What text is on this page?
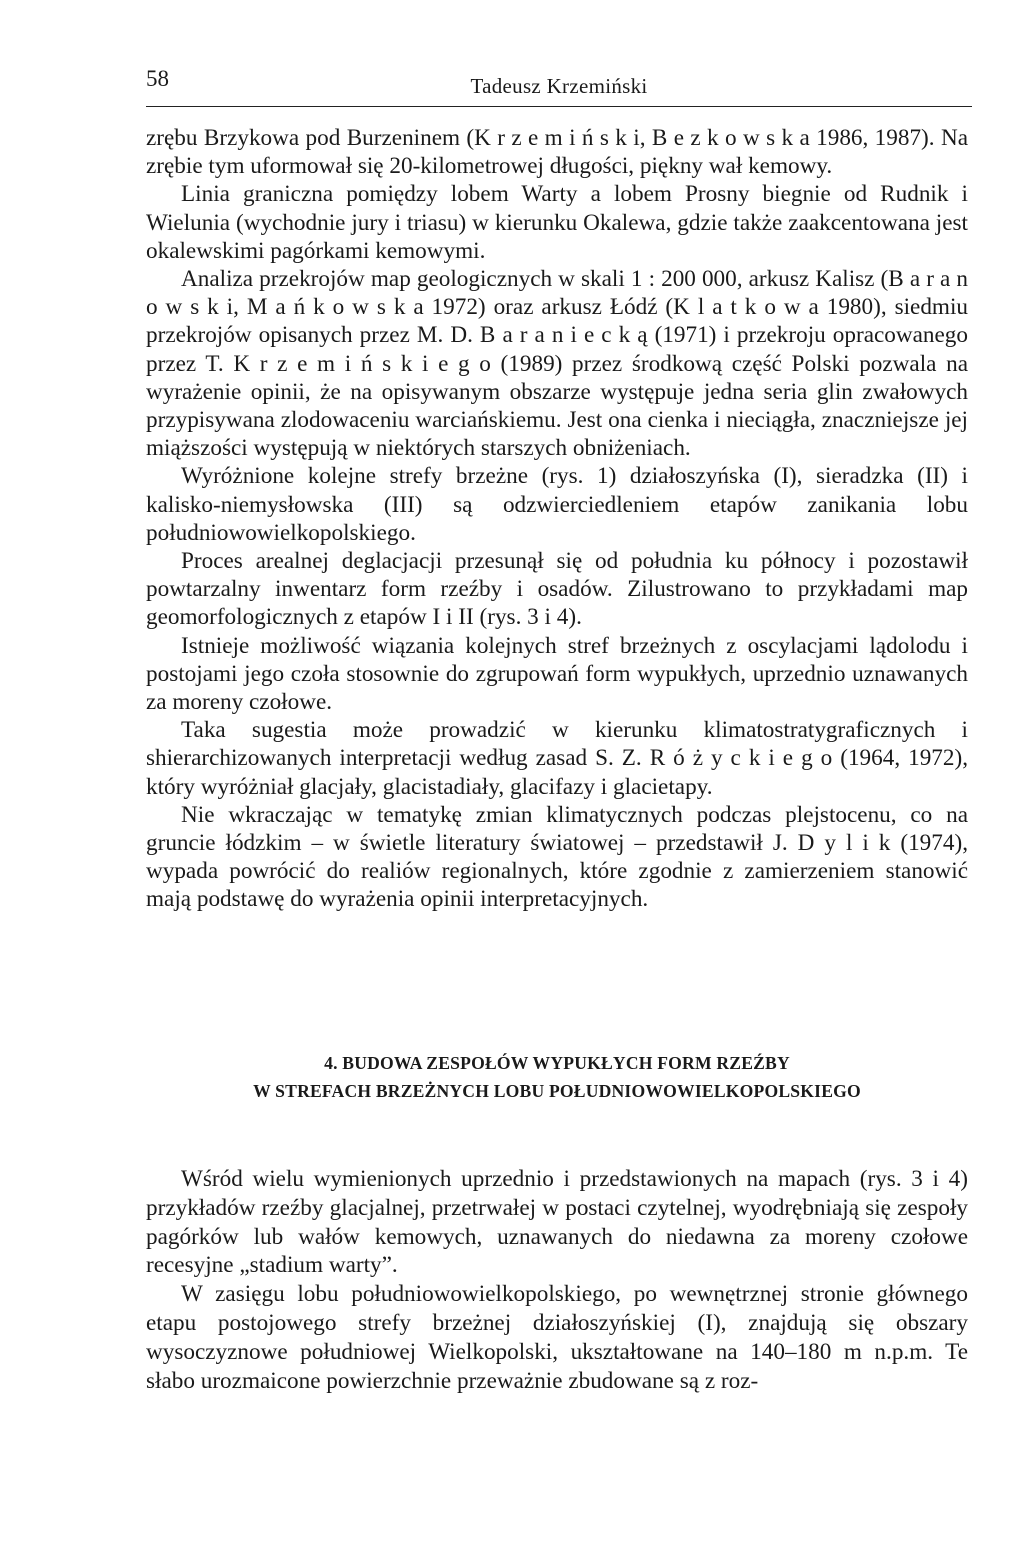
58	Tadeusz Krzemiński

zrębu Brzykowa pod Burzeninem (K r z e m i ń s k i, B e z k o w s k a 1986, 1987). Na zrębie tym uformował się 20-kilometrowej długości, piękny wał kemowy.

Linia graniczna pomiędzy lobem Warty a lobem Prosny biegnie od Rudnik i Wielunia (wychodnie jury i triasu) w kierunku Okalewa, gdzie także zaakcentowana jest okalewskimi pagórkami kemowymi.

Analiza przekrojów map geologicznych w skali 1 : 200 000, arkusz Kalisz (B a r a n o w s k i, M a ń k o w s k a 1972) oraz arkusz Łódź (K l a t k o w a 1980), siedmiu przekrojów opisanych przez M. D. B a r a n i e c k ą (1971) i przekroju opracowanego przez T. K r z e m i ń s k i e g o (1989) przez środkową część Polski pozwala na wyrażenie opinii, że na opisywanym obszarze występuje jedna seria glin zwałowych przypisywana zlodowaceniu warciańskiemu. Jest ona cienka i nieciągła, znaczniejsze jej miąższości występują w niektórych starszych obniżeniach.

Wyróżnione kolejne strefy brzeżne (rys. 1) działoszyńska (I), sieradzka (II) i kalisko-niemysłowska (III) są odzwierciedleniem etapów zanikania lobu południowowielkopolskiego.

Proces arealnej deglacjacji przesunął się od południa ku północy i pozostawił powtarzalny inwentarz form rzeźby i osadów. Zilustrowano to przykładami map geomorfologicznych z etapów I i II (rys. 3 i 4).

Istnieje możliwość wiązania kolejnych stref brzeżnych z oscylacjami lądolodu i postojami jego czoła stosownie do zgrupowań form wypukłych, uprzednio uznawanych za moreny czołowe.

Taka sugestia może prowadzić w kierunku klimatostratygraficznych i shierarchizowanych interpretacji według zasad S. Z. R ó ż y c k i e g o (1964, 1972), który wyróżniał glacjały, glacistadiały, glacifazy i glacietapy.

Nie wkraczając w tematykę zmian klimatycznych podczas plejstocenu, co na gruncie łódzkim – w świetle literatury światowej – przedstawił J. D y l i k (1974), wypada powrócić do realiów regionalnych, które zgodnie z zamierzeniem stanowić mają podstawę do wyrażenia opinii interpretacyjnych.

4. BUDOWA ZESPOŁÓW WYPUKŁYCH FORM RZEŹBY
W STREFACH BRZEŻNYCH LOBU POŁUDNIOWOWIELKOPOLSKIEGO

Wśród wielu wymienionych uprzednio i przedstawionych na mapach (rys. 3 i 4) przykładów rzeźby glacjalnej, przetrwałej w postaci czytelnej, wyodrębniają się zespoły pagórków lub wałów kemowych, uznawanych do niedawna za moreny czołowe recesyjne „stadium warty”.

W zasięgu lobu południowowielkopolskiego, po wewnętrznej stronie głównego etapu postojowego strefy brzeżnej działoszyńskiej (I), znajdują się obszary wysoczyznowe południowej Wielkopolski, ukształtowane na 140–180 m n.p.m. Te słabo urozmaicone powierzchnie przeważnie zbudowane są z roz-
